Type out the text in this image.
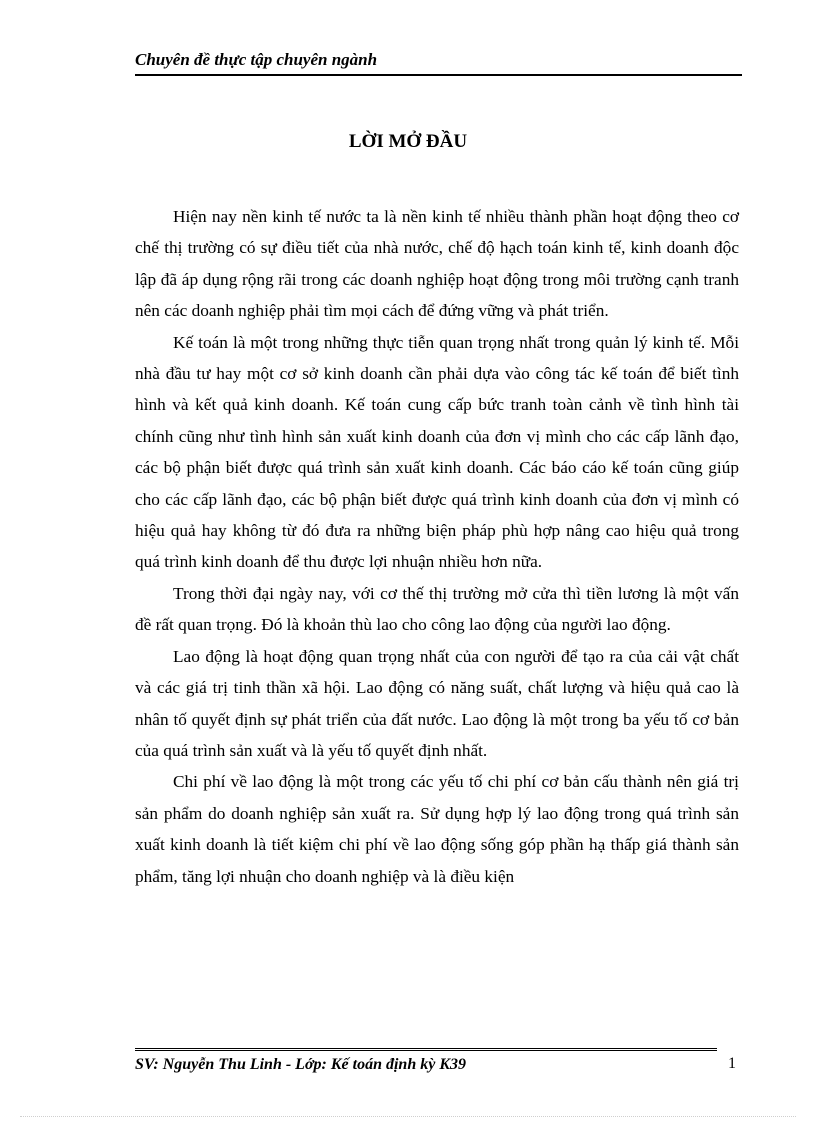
Chuyên đề thực tập chuyên ngành
LỜI MỞ ĐẦU

Hiện nay nền kinh tế nước ta là nền kinh tế nhiều thành phần hoạt động theo cơ chế thị trường có sự điều tiết của nhà nước, chế độ hạch toán kinh tế, kinh doanh độc lập đã áp dụng rộng rãi trong các doanh nghiệp hoạt động trong môi trường cạnh tranh nên các doanh nghiệp phải tìm mọi cách để đứng vững và phát triển.

Kế toán là một trong những thực tiễn quan trọng nhất trong quản lý kinh tế. Mỗi nhà đầu tư hay một cơ sở kinh doanh cần phải dựa vào công tác kế toán để biết tình hình và kết quả kinh doanh. Kế toán cung cấp bức tranh toàn cảnh về tình hình tài chính cũng như tình hình sản xuất kinh doanh của đơn vị mình cho các cấp lãnh đạo, các bộ phận biết được quá trình sản xuất kinh doanh. Các báo cáo kế toán cũng giúp cho các cấp lãnh đạo, các bộ phận biết được quá trình kinh doanh của đơn vị mình có hiệu quả hay không từ đó đưa ra những biện pháp phù hợp nâng cao hiệu quả trong quá trình kinh doanh để thu được lợi nhuận nhiều hơn nữa.

Trong thời đại ngày nay, với cơ thế thị trường mở cửa thì tiền lương là một vấn đề rất quan trọng. Đó là khoản thù lao cho công lao động của người lao động.

Lao động là hoạt động quan trọng nhất của con người để tạo ra của cải vật chất và các giá trị tinh thần xã hội. Lao động có năng suất, chất lượng và hiệu quả cao là nhân tố quyết định sự phát triển của đất nước. Lao động là một trong ba yếu tố cơ bản của quá trình sản xuất và là yếu tố quyết định nhất.

Chi phí về lao động là một trong các yếu tố chi phí cơ bản cấu thành nên giá trị sản phẩm do doanh nghiệp sản xuất ra. Sử dụng hợp lý lao động trong quá trình sản xuất kinh doanh là tiết kiệm chi phí về lao động sống góp phần hạ thấp giá thành sản phẩm, tăng lợi nhuận cho doanh nghiệp và là điều kiện

SV: Nguyễn Thu Linh - Lớp: Kế toán định kỳ K39	1
